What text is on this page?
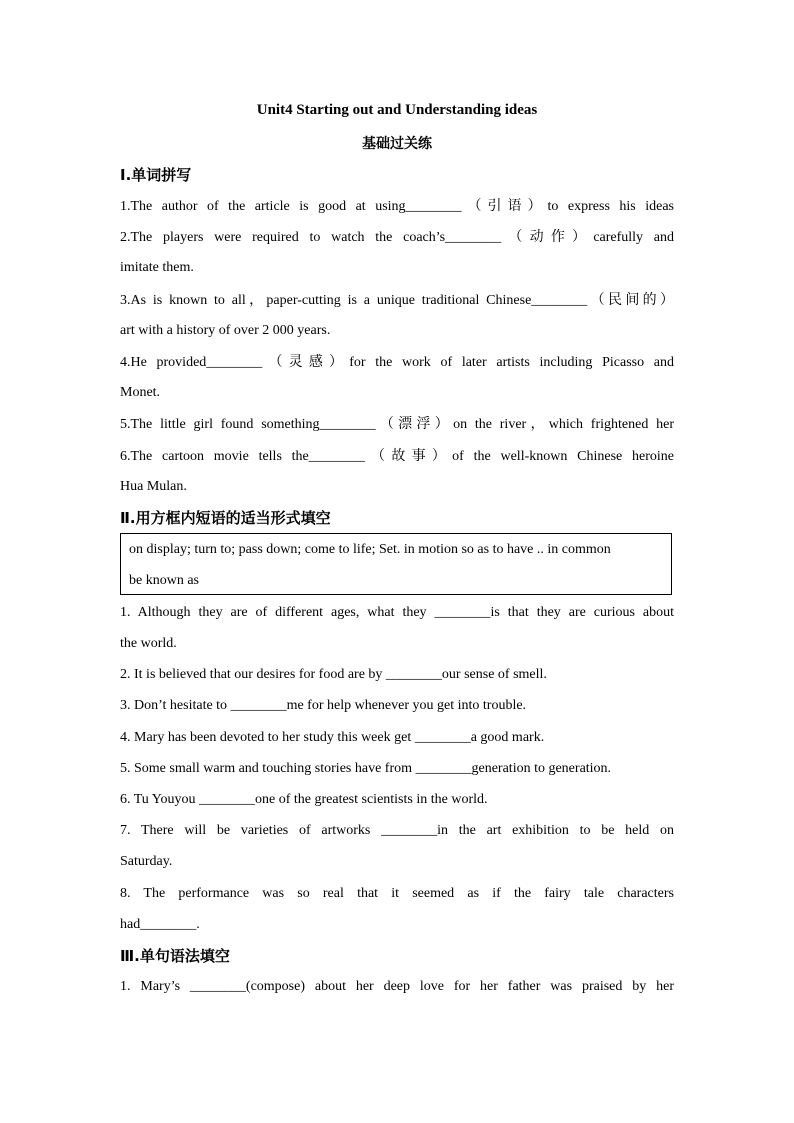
Unit4 Starting out and Understanding ideas
基础过关练
Ⅰ.单词拼写
1.The author of the article is good at using________（引语）to express his ideas
2.The players were required to watch the coach’s________（动作）carefully and
imitate them.
3.As is known to all，paper-cutting is a unique traditional Chinese________（民间的）
art with a history of over 2 000 years.
4.He provided________（灵感）for the work of later artists including Picasso and
Monet.
5.The little girl found something________（漂浮）on the river，which frightened her
6.The cartoon movie tells the________（故事）of the well-known Chinese heroine
Hua Mulan.
Ⅱ.用方框内短语的适当形式填空
on display; turn to; pass down; come to life; Set. in motion so as to have .. in common
be known as
1. Although they are of different ages, what they ________is that they are curious about
the world.
2. It is believed that our desires for food are by ________our sense of smell.
3. Don’t hesitate to ________me for help whenever you get into trouble.
4. Mary has been devoted to her study this week get ________a good mark.
5. Some small warm and touching stories have from ________generation to generation.
6. Tu Youyou ________one of the greatest scientists in the world.
7. There will be varieties of artworks ________in the art exhibition to be held on
Saturday.
8. The performance was so real that it seemed as if the fairy tale characters
had________.
Ⅲ.单句语法填空
1. Mary’s ________(compose) about her deep love for her father was praised by her
